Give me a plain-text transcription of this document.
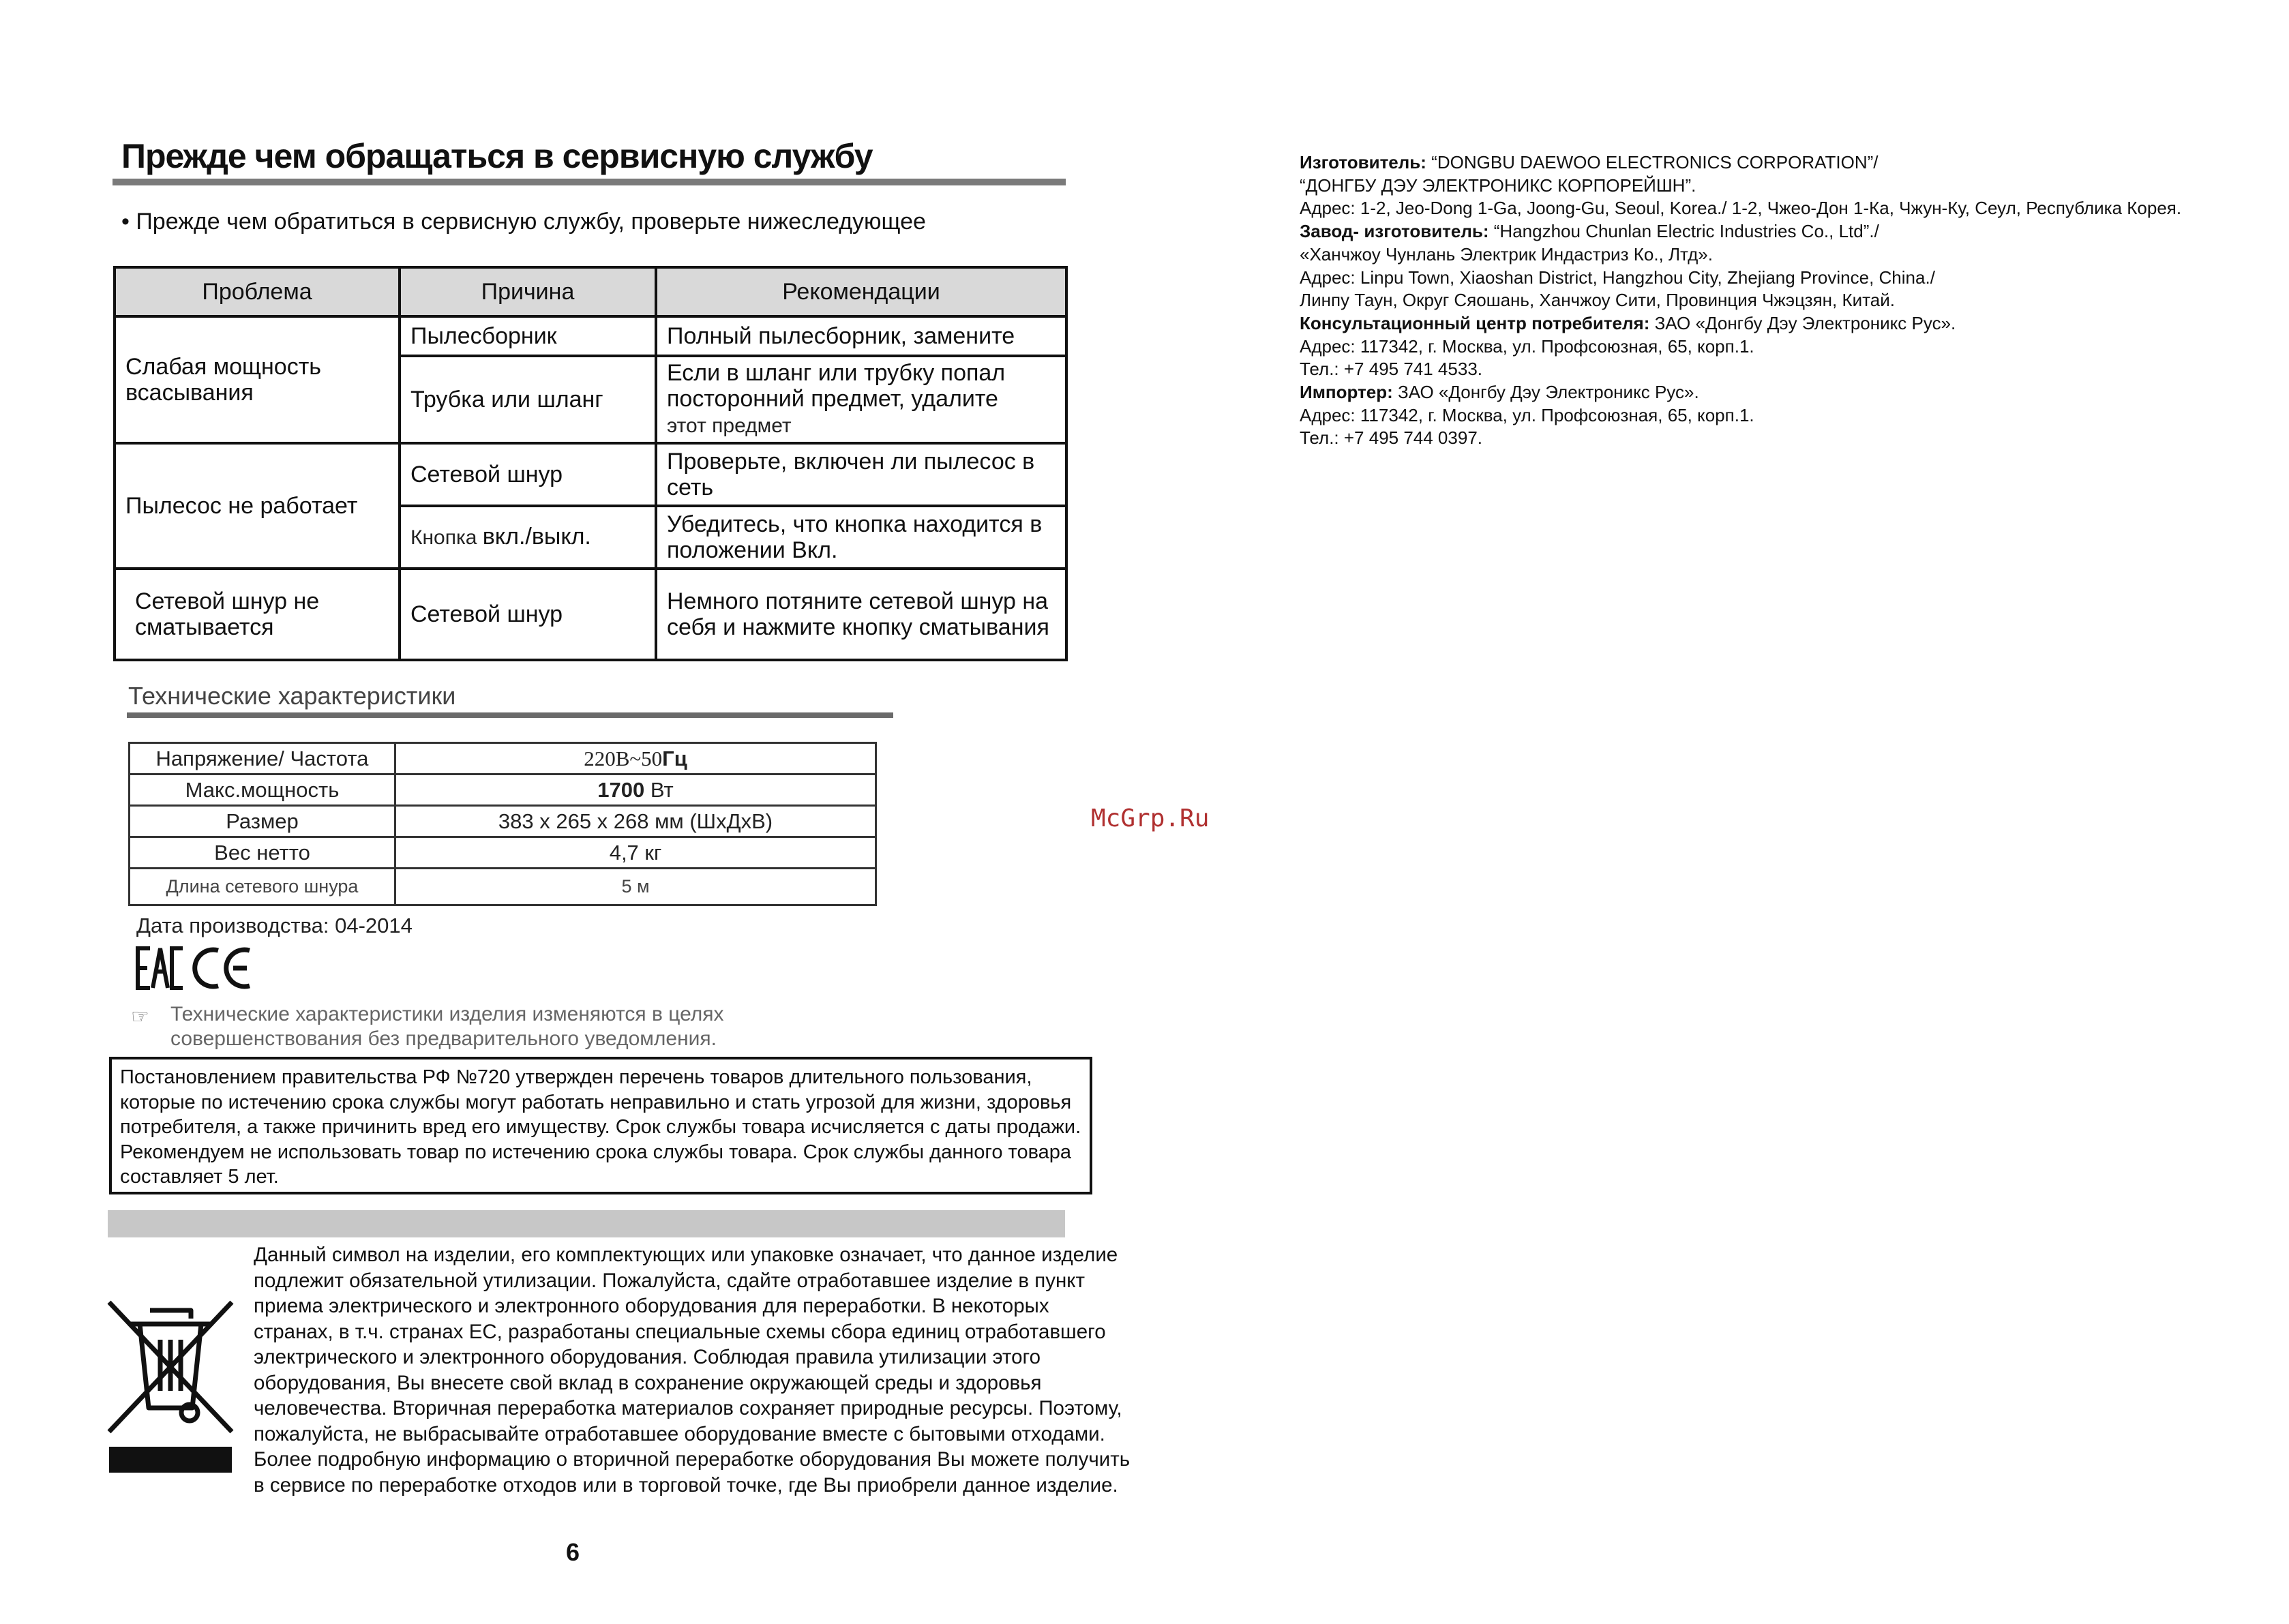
Прежде чем обращаться в сервисную службу
• Прежде чем обратиться в сервисную службу, проверьте нижеследующее
Проблема	Причина	Рекомендации
Слабая мощность всасывания	Пылесборник	Полный пылесборник, замените
	Трубка или шланг	Если в шланг или трубку попал посторонний предмет, удалите
этот предмет
Пылесос не работает	Сетевой шнур	Проверьте, включен ли пылесос в сеть
	Кнопка вкл./выкл.	Убедитесь, что кнопка находится в положении Вкл.
Сетевой шнур не сматывается	Сетевой шнур	Немного потяните сетевой шнур на себя и нажмите кнопку сматывания
Технические характеристики
Напряжение/ Частота	220В~50Гц
Макс.мощность	1700 Вт
Размер	383 x 265 x 268 мм (ШхДхВ)
Вес нетто	4,7 кг
Длина сетевого шнура	5 м
Дата производства: 04-2014
☞ Технические характеристики изделия изменяются в целях
совершенствования без предварительного уведомления.
Постановлением правительства РФ №720 утвержден перечень товаров длительного пользования, которые по истечению срока службы могут работать неправильно и стать угрозой для жизни, здоровья потребителя, а также причинить вред его имуществу. Срок службы товара исчисляется с даты продажи. Рекомендуем не использовать товар по истечению срока службы товара. Срок службы данного товара составляет 5 лет.
Данный символ на изделии, его комплектующих или упаковке означает, что данное изделие подлежит обязательной утилизации. Пожалуйста, сдайте отработавшее изделие в пункт приема электрического и электронного оборудования для переработки. В некоторых странах, в т.ч. странах ЕС, разработаны специальные схемы сбора единиц отработавшего электрического и электронного оборудования. Соблюдая правила утилизации этого оборудования, Вы внесете свой вклад в сохранение окружающей среды и здоровья человечества. Вторичная переработка материалов сохраняет природные ресурсы. Поэтому, пожалуйста, не выбрасывайте отработавшее оборудование вместе с бытовыми отходами. Более подробную информацию о вторичной переработке оборудования Вы можете получить в сервисе по переработке отходов или в торговой точке, где Вы приобрели данное изделие.
6
McGrp.Ru
Изготовитель: “DONGBU DAEWOO ELECTRONICS CORPORATION”/
“ДОНГБУ ДЭУ ЭЛЕКТРОНИКС КОРПОРЕЙШН”.
Адрес: 1-2, Jeo-Dong 1-Ga, Joong-Gu, Seoul, Korea./ 1-2, Чжео-Дон 1-Ка, Чжун-Ку, Сеул, Республика Корея.
Завод- изготовитель: “Hangzhou Chunlan Electric Industries Co., Ltd”./
«Ханчжоу Чунлань Электрик Индастриз Ко., Лтд».
Адрес: Linpu Town, Xiaoshan District, Hangzhou City, Zhejiang Province, China./
Линпу Таун, Округ Сяошань, Ханчжоу Сити, Провинция Чжэцзян, Китай.
Консультационный центр потребителя: ЗАО «Донгбу Дэу Электроникс Рус».
Адрес: 117342, г. Москва, ул. Профсоюзная, 65, корп.1.
Тел.: +7 495 741 4533.
Импортер: ЗАО «Донгбу Дэу Электроникс Рус».
Адрес: 117342, г. Москва, ул. Профсоюзная, 65, корп.1.
Тел.: +7 495 744 0397.
